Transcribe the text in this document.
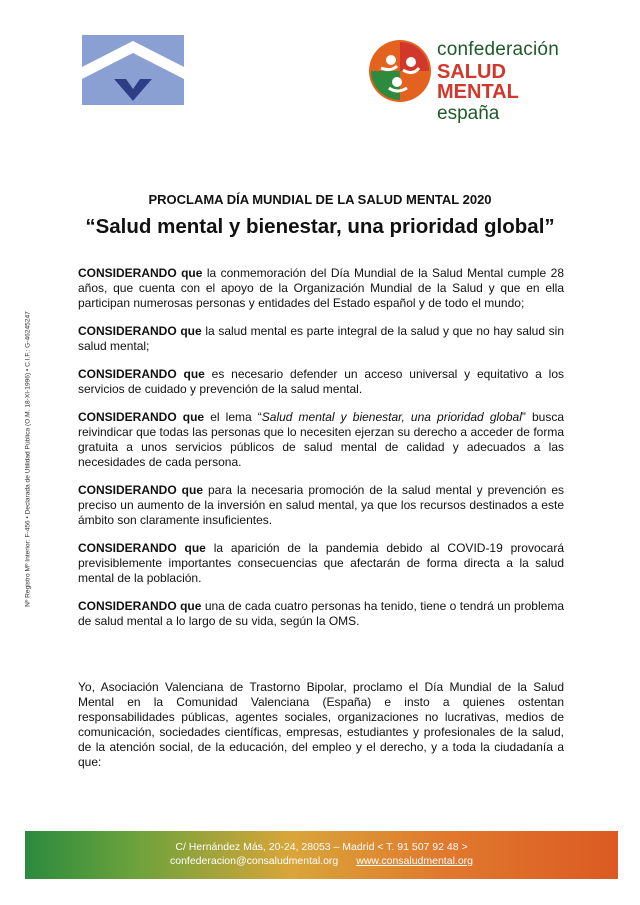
confederación
SALUD MENTAL
españa
Nº Registro Mº Interior: F-456 • Declarada de Utilidad Pública (O.M. 18-XI-1996) • C.I.F.: G-46245247
PROCLAMA DÍA MUNDIAL DE LA SALUD MENTAL 2020
“Salud mental y bienestar, una prioridad global”

CONSIDERANDO que la conmemoración del Día Mundial de la Salud Mental cumple 28 años, que cuenta con el apoyo de la Organización Mundial de la Salud y que en ella participan numerosas personas y entidades del Estado español y de todo el mundo;

CONSIDERANDO que la salud mental es parte integral de la salud y que no hay salud sin salud mental;

CONSIDERANDO que es necesario defender un acceso universal y equitativo a los servicios de cuidado y prevención de la salud mental.

CONSIDERANDO que el lema “Salud mental y bienestar, una prioridad global” busca reivindicar que todas las personas que lo necesiten ejerzan su derecho a acceder de forma gratuita a unos servicios públicos de salud mental de calidad y adecuados a las necesidades de cada persona.

CONSIDERANDO que para la necesaria promoción de la salud mental y prevención es preciso un aumento de la inversión en salud mental, ya que los recursos destinados a este ámbito son claramente insuficientes.

CONSIDERANDO que la aparición de la pandemia debido al COVID-19 provocará previsiblemente importantes consecuencias que afectarán de forma directa a la salud mental de la población.

CONSIDERANDO que una de cada cuatro personas ha tenido, tiene o tendrá un problema de salud mental a lo largo de su vida, según la OMS.

Yo, Asociación Valenciana de Trastorno Bipolar, proclamo el Día Mundial de la Salud Mental en la Comunidad Valenciana (España) e insto a quienes ostentan responsabilidades públicas, agentes sociales, organizaciones no lucrativas, medios de comunicación, sociedades científicas, empresas, estudiantes y profesionales de la salud, de la atención social, de la educación, del empleo y el derecho, y a toda la ciudadanía a que:

C/ Hernández Más, 20-24, 28053 – Madrid < T. 91 507 92 48 >
confederacion@consaludmental.org www.consaludmental.org
